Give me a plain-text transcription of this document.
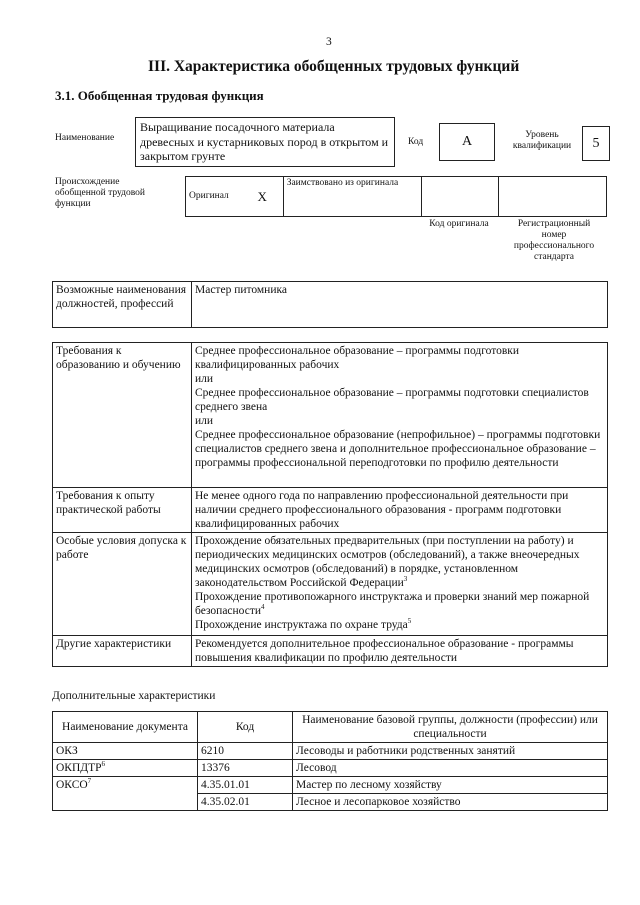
3
III. Характеристика обобщенных трудовых функций
3.1. Обобщенная трудовая функция
Наименование
Выращивание посадочного материала древесных и кустарниковых пород в открытом и закрытом грунте
Код	А	Уровень квалификации	5
Происхождение обобщенной трудовой функции
Оригинал	X	Заимствовано из оригинала		
Код оригинала	Регистрационный номер профессионального стандарта
Возможные наименования должностей, профессий	Мастер питомника
Требования к образованию и обучению	Среднее профессиональное образование – программы подготовки квалифицированных рабочих
или
Среднее профессиональное образование – программы подготовки специалистов среднего звена
или
Среднее профессиональное образование (непрофильное) – программы подготовки специалистов среднего звена и дополнительное профессиональное образование – программы профессиональной переподготовки по профилю деятельности

Требования к опыту практической работы	Не менее одного года по направлению профессиональной деятельности при наличии среднего профессионального образования - программ подготовки квалифицированных рабочих

Особые условия допуска к работе	Прохождение обязательных предварительных (при поступлении на работу) и периодических медицинских осмотров (обследований), а также внеочередных медицинских осмотров (обследований) в порядке, установленном законодательством Российской Федерации$^3$
Прохождение противопожарного инструктажа и проверки знаний мер пожарной безопасности$^4$
Прохождение инструктажа по охране труда$^5$

Другие характеристики	Рекомендуется дополнительное профессиональное образование - программы повышения квалификации по профилю деятельности
Дополнительные характеристики
Наименование документа	Код	Наименование базовой группы, должности (профессии) или специальности
ОКЗ	6210	Лесоводы и работники родственных занятий
ОКПДТР$^6$	13376	Лесовод
ОКСО$^7$	4.35.01.01	Мастер по лесному хозяйству
	4.35.02.01	Лесное и лесопарковое хозяйство
